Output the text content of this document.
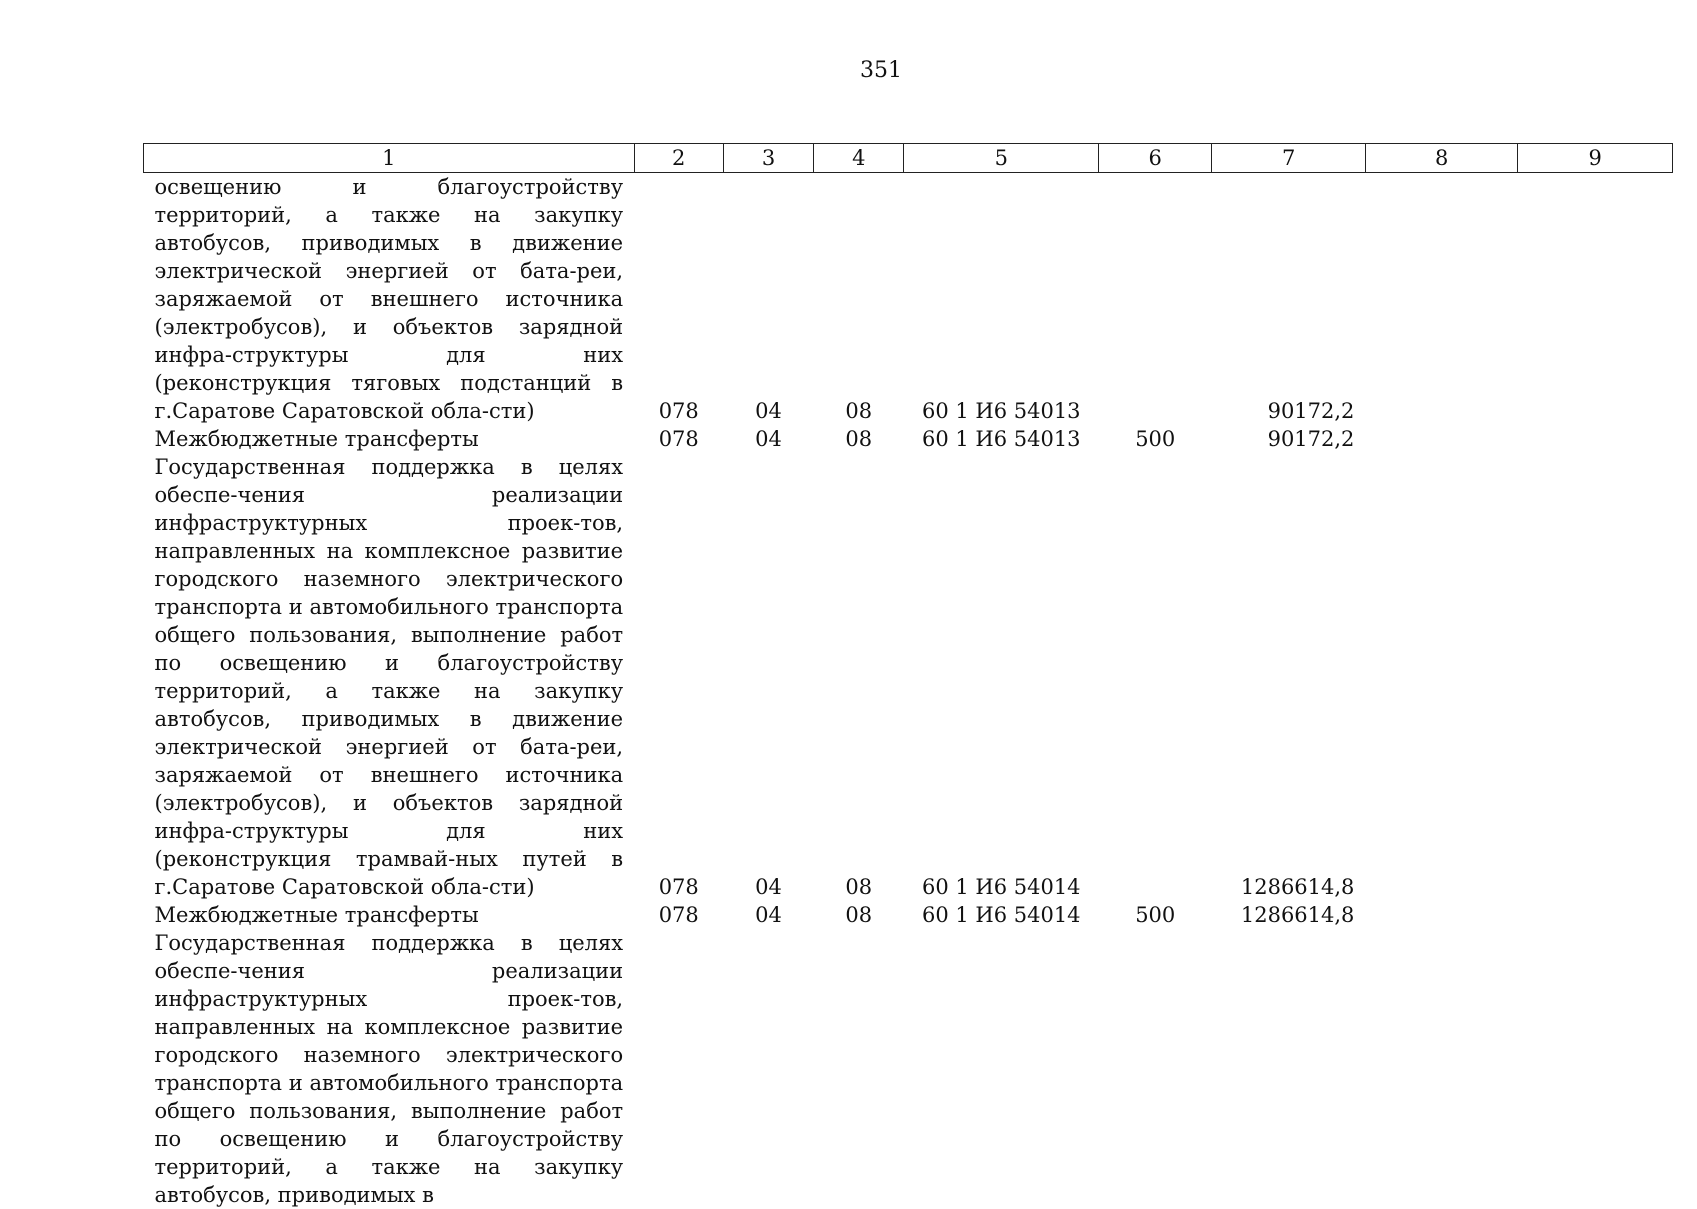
351
1	2	3	4	5	6	7	8	9
освещению и благоустройству территорий, а также на закупку автобусов, приводимых в движение электрической энергией от бата-реи, заряжаемой от внешнего источника (электробусов), и объектов зарядной инфра-структуры для них (реконструкция тяговых подстанций в г.Саратове Саратовской обла-сти)	078	04	08	60 1 И6 54013		90172,2		
Межбюджетные трансферты	078	04	08	60 1 И6 54013	500	90172,2		
Государственная поддержка в целях обеспе-чения реализации инфраструктурных проек-тов, направленных на комплексное развитие городского наземного электрического транспорта и автомобильного транспорта общего пользования, выполнение работ по освещению и благоустройству территорий, а также на закупку автобусов, приводимых в движение электрической энергией от бата-реи, заряжаемой от внешнего источника (электробусов), и объектов зарядной инфра-структуры для них (реконструкция трамвай-ных путей в г.Саратове Саратовской обла-сти)	078	04	08	60 1 И6 54014		1286614,8		
Межбюджетные трансферты	078	04	08	60 1 И6 54014	500	1286614,8		
Государственная поддержка в целях обеспе-чения реализации инфраструктурных проек-тов, направленных на комплексное развитие городского наземного электрического транспорта и автомобильного транспорта общего пользования, выполнение работ по освещению и благоустройству территорий, а также на закупку автобусов, приводимых в								
